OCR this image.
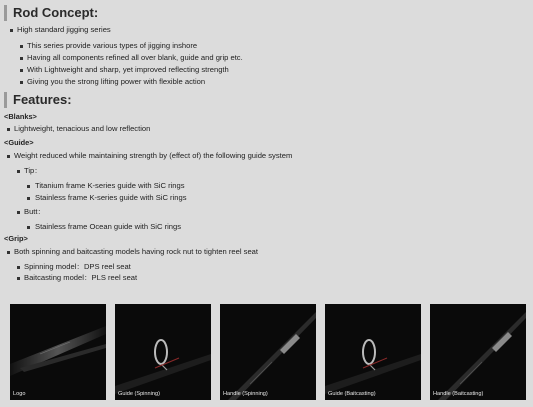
Rod Concept:
High standard jigging series
This series provide various types of jigging inshore
Having all components refined all over blank, guide and grip etc.
With Lightweight and sharp, yet improved reflecting strength
Giving you the strong lifting power with flexible action
Features:
<Blanks>
Lightweight, tenacious and low reflection
<Guide>
Weight reduced while maintaining strength by (effect of) the following guide system
Tip：
Titanium frame K-series guide with SiC rings
Stainless frame K-series guide with SiC rings
Butt：
Stainless frame Ocean guide with SiC rings
<Grip>
Both spinning and baitcasting models having rock nut to tighten reel seat
Spinning model：DPS reel seat
Baitcasting model：PLS reel seat
Logo	Guide (Spinning)	Handle (Spinning)	Guide (Baitcasting)	Handle (Baitcasting)
